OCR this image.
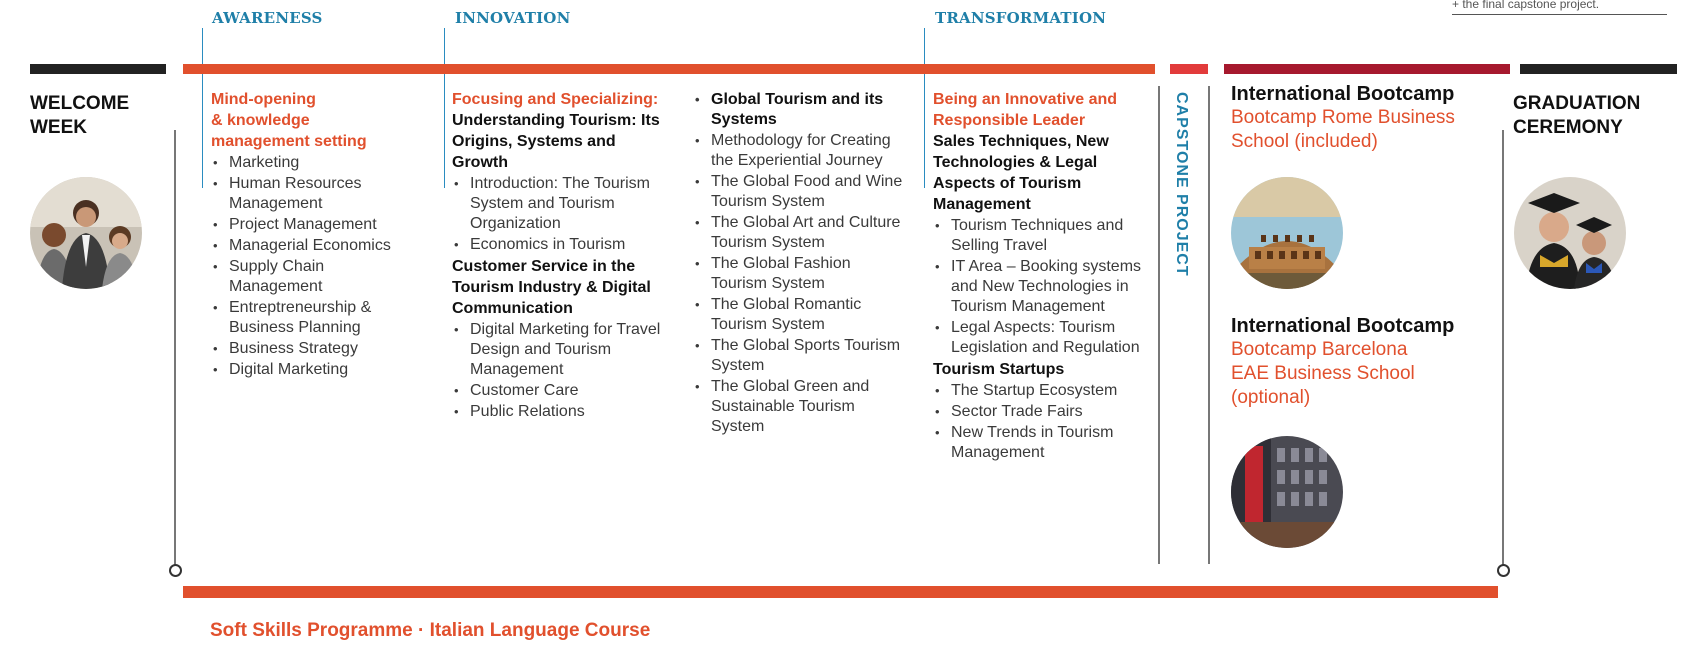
+ the final capstone project.
AWARENESS	INNOVATION	TRANSFORMATION
WELCOME
WEEK
Mind-opening
& knowledge
management setting
• Marketing
• Human Resources Management
• Project Management
• Managerial Economics
• Supply Chain Management
• Entreptreneurship & Business Planning
• Business Strategy
• Digital Marketing
Focusing and Specializing:
Understanding Tourism: Its Origins, Systems and Growth
• Introduction: The Tourism System and Tourism Organization
• Economics in Tourism
Customer Service in the Tourism Industry & Digital Communication
• Digital Marketing for Travel Design and Tourism Management
• Customer Care
• Public Relations
• Global Tourism and its Systems
• Methodology for Creating the Experiential Journey
• The Global Food and Wine Tourism System
• The Global Art and Culture Tourism System
• The Global Fashion Tourism System
• The Global Romantic Tourism System
• The Global Sports Tourism System
• The Global Green and Sustainable Tourism System
Being an Innovative and Responsible Leader
Sales Techniques, New Technologies & Legal Aspects of Tourism Management
• Tourism Techniques and Selling Travel
• IT Area – Booking systems and New Technologies in Tourism Management
• Legal Aspects: Tourism Legislation and Regulation
Tourism Startups
• The Startup Ecosystem
• Sector Trade Fairs
• New Trends in Tourism Management
CAPSTONE PROJECT International Bootcamp
Bootcamp Rome Business
School (included)
International Bootcamp
Bootcamp Barcelona
EAE Business School
(optional)
GRADUATION
CEREMONY
Soft Skills Programme · Italian Language Course
